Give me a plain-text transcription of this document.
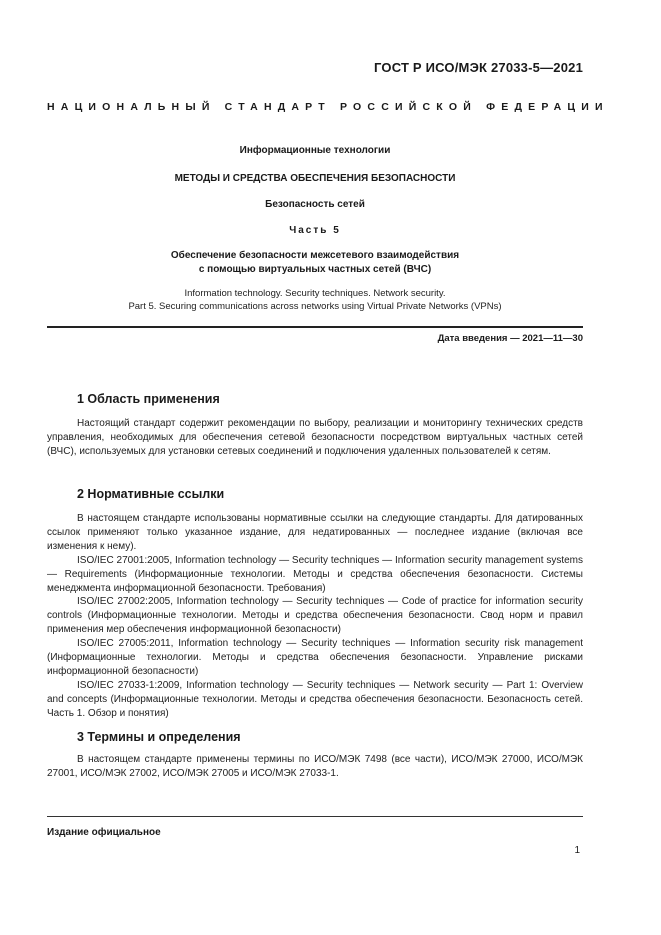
ГОСТ Р ИСО/МЭК 27033-5—2021
НАЦИОНАЛЬНЫЙ СТАНДАРТ РОССИЙСКОЙ ФЕДЕРАЦИИ
Информационные технологии
МЕТОДЫ И СРЕДСТВА ОБЕСПЕЧЕНИЯ БЕЗОПАСНОСТИ
Безопасность сетей
Часть 5
Обеспечение безопасности межсетевого взаимодействия
с помощью виртуальных частных сетей (ВЧС)
Information technology. Security techniques. Network security.
Part 5. Securing communications across networks using Virtual Private Networks (VPNs)
Дата введения — 2021—11—30
1 Область применения

Настоящий стандарт содержит рекомендации по выбору, реализации и мониторингу технических средств управления, необходимых для обеспечения сетевой безопасности посредством виртуальных частных сетей (ВЧС), используемых для установки сетевых соединений и подключения удаленных пользователей к сетям.

2 Нормативные ссылки

В настоящем стандарте использованы нормативные ссылки на следующие стандарты. Для датированных ссылок применяют только указанное издание, для недатированных — последнее издание (включая все изменения к нему).

ISO/IEC 27001:2005, Information technology — Security techniques — Information security management systems — Requirements (Информационные технологии. Методы и средства обеспечения безопасности. Системы менеджмента информационной безопасности. Требования)

ISO/IEC 27002:2005, Information technology — Security techniques — Code of practice for information security controls (Информационные технологии. Методы и средства обеспечения безопасности. Свод норм и правил применения мер обеспечения информационной безопасности)

ISO/IEC 27005:2011, Information technology — Security techniques — Information security risk management (Информационные технологии. Методы и средства обеспечения безопасности. Управление рисками информационной безопасности)

ISO/IEC 27033-1:2009, Information technology — Security techniques — Network security — Part 1: Overview and concepts (Информационные технологии. Методы и средства обеспечения безопасности. Безопасность сетей. Часть 1. Обзор и понятия)

3 Термины и определения

В настоящем стандарте применены термины по ИСО/МЭК 7498 (все части), ИСО/МЭК 27000, ИСО/МЭК 27001, ИСО/МЭК 27002, ИСО/МЭК 27005 и ИСО/МЭК 27033-1.

Издание официальное
1
